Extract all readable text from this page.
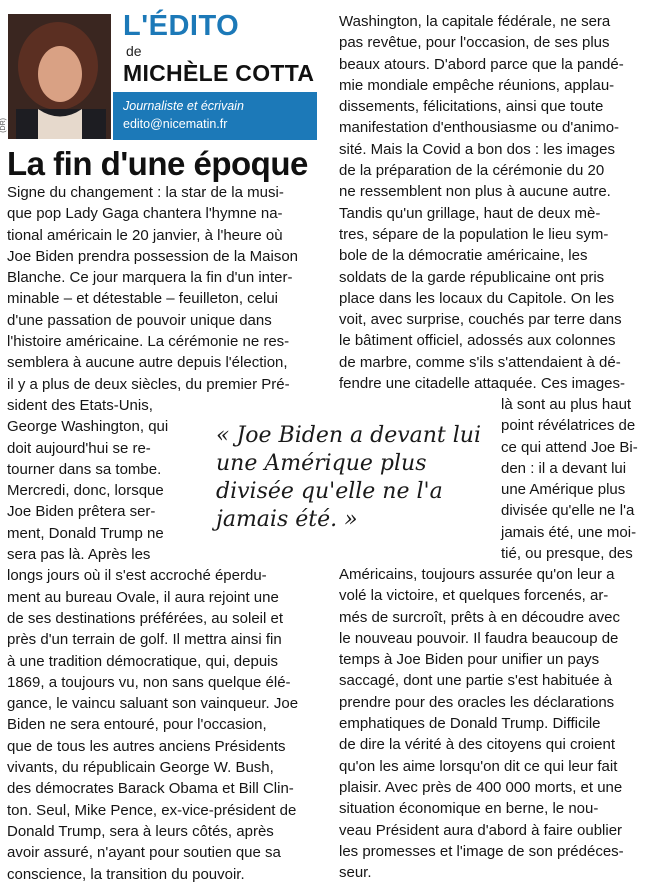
(DR)
L'ÉDITO
de
MICHÈLE COTTA
Journaliste et écrivain
edito@nicematin.fr
La fin d'une époque
Signe du changement : la star de la musi-
que pop Lady Gaga chantera l'hymne na-
tional américain le 20 janvier, à l'heure où
Joe Biden prendra possession de la Maison
Blanche. Ce jour marquera la fin d'un inter-
minable – et détestable – feuilleton, celui
d'une passation de pouvoir unique dans
l'histoire américaine. La cérémonie ne res-
semblera à aucune autre depuis l'élection,
il y a plus de deux siècles, du premier Pré-
sident des Etats-Unis,
George Washington, qui
doit aujourd'hui se re-
tourner dans sa tombe.
Mercredi, donc, lorsque
Joe Biden prêtera ser-
ment, Donald Trump ne
sera pas là. Après les
longs jours où il s'est accroché éperdu-
ment au bureau Ovale, il aura rejoint une
de ses destinations préférées, au soleil et
près d'un terrain de golf. Il mettra ainsi fin
à une tradition démocratique, qui, depuis
1869, a toujours vu, non sans quelque élé-
gance, le vaincu saluant son vainqueur. Joe
Biden ne sera entouré, pour l'occasion,
que de tous les autres anciens Présidents
vivants, du républicain George W. Bush,
des démocrates Barack Obama et Bill Clin-
ton. Seul, Mike Pence, ex-vice-président de
Donald Trump, sera à leurs côtés, après
avoir assuré, n'ayant pour soutien que sa
conscience, la transition du pouvoir.
Washington, la capitale fédérale, ne sera
pas revêtue, pour l'occasion, de ses plus
beaux atours. D'abord parce que la pandé-
mie mondiale empêche réunions, applau-
dissements, félicitations, ainsi que toute
manifestation d'enthousiasme ou d'animo-
sité. Mais la Covid a bon dos : les images
de la préparation de la cérémonie du 20
ne ressemblent non plus à aucune autre.
Tandis qu'un grillage, haut de deux mè-
tres, sépare de la population le lieu sym-
bole de la démocratie américaine, les
soldats de la garde républicaine ont pris
place dans les locaux du Capitole. On les
voit, avec surprise, couchés par terre dans
le bâtiment officiel, adossés aux colonnes
de marbre, comme s'ils s'attendaient à dé-
fendre une citadelle attaquée. Ces images-
là sont au plus haut
point révélatrices de
ce qui attend Joe Bi-
den : il a devant lui
une Amérique plus
divisée qu'elle ne l'a
jamais été, une moi-
tié, ou presque, des
Américains, toujours assurée qu'on leur a
volé la victoire, et quelques forcenés, ar-
més de surcroît, prêts à en découdre avec
le nouveau pouvoir. Il faudra beaucoup de
temps à Joe Biden pour unifier un pays
saccagé, dont une partie s'est habituée à
prendre pour des oracles les déclarations
emphatiques de Donald Trump. Difficile
de dire la vérité à des citoyens qui croient
qu'on les aime lorsqu'on dit ce qui leur fait
plaisir. Avec près de 400 000 morts, et une
situation économique en berne, le nou-
veau Président aura d'abord à faire oublier
les promesses et l'image de son prédéces-
seur.
« Joe Biden a devant lui
une Amérique plus
divisée qu'elle ne l'a
jamais été. »
